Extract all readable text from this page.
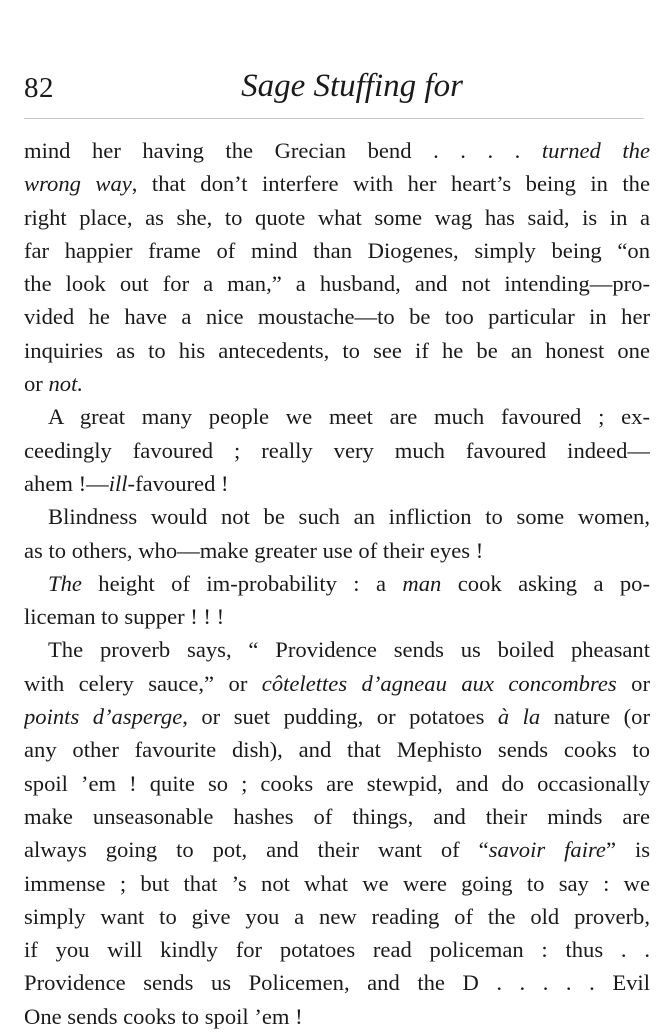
82	Sage Stuffing for
mind her having the Grecian bend . . . . turned the
wrong way, that don’t interfere with her heart’s being in the
right place, as she, to quote what some wag has said, is in a
far happier frame of mind than Diogenes, simply being “on
the look out for a man,” a husband, and not intending—pro-
vided he have a nice moustache—to be too particular in her
inquiries as to his antecedents, to see if he be an honest one
or not.
A great many people we meet are much favoured ; ex-
ceedingly favoured ; really very much favoured indeed—
ahem !—ill-favoured !
Blindness would not be such an infliction to some women,
as to others, who—make greater use of their eyes !
The height of im-probability : a man cook asking a po-
liceman to supper ! ! !
The proverb says, “ Providence sends us boiled pheasant
with celery sauce,” or côtelettes d’agneau aux concombres or
points d’asperge, or suet pudding, or potatoes à la nature (or
any other favourite dish), and that Mephisto sends cooks to
spoil ’em ! quite so ; cooks are stewpid, and do occasionally
make unseasonable hashes of things, and their minds are
always going to pot, and their want of “savoir faire” is
immense ; but that ’s not what we were going to say : we
simply want to give you a new reading of the old proverb,
if you will kindly for potatoes read policeman : thus . .
Providence sends us Policemen, and the D . . . . . Evil
One sends cooks to spoil ’em !
